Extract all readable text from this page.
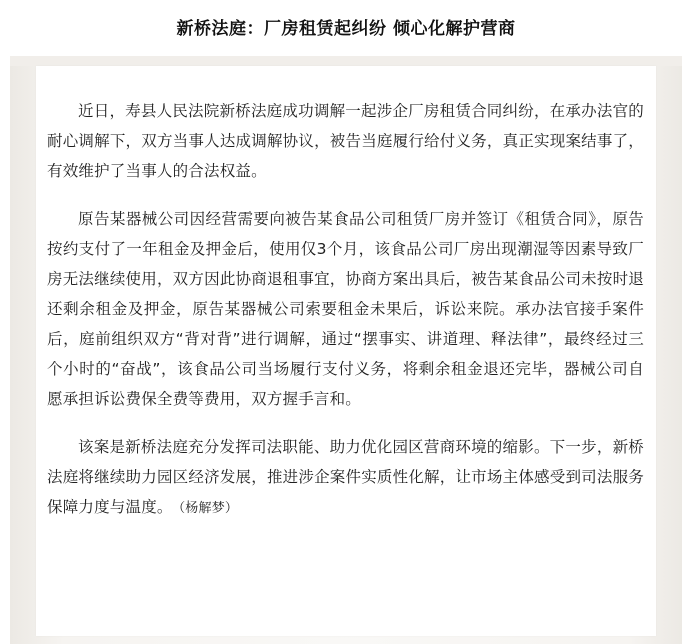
新桥法庭：厂房租赁起纠纷 倾心化解护营商

近日，寿县人民法院新桥法庭成功调解一起涉企厂房租赁合同纠纷，在承办法官的耐心调解下，双方当事人达成调解协议，被告当庭履行给付义务，真正实现案结事了，有效维护了当事人的合法权益。

原告某器械公司因经营需要向被告某食品公司租赁厂房并签订《租赁合同》，原告按约支付了一年租金及押金后，使用仅3个月，该食品公司厂房出现潮湿等因素导致厂房无法继续使用，双方因此协商退租事宜，协商方案出具后，被告某食品公司未按时退还剩余租金及押金，原告某器械公司索要租金未果后，诉讼来院。承办法官接手案件后，庭前组织双方“背对背”进行调解，通过“摆事实、讲道理、释法律”，最终经过三个小时的“奋战”，该食品公司当场履行支付义务，将剩余租金退还完毕，器械公司自愿承担诉讼费保全费等费用，双方握手言和。

该案是新桥法庭充分发挥司法职能、助力优化园区营商环境的缩影。下一步，新桥法庭将继续助力园区经济发展，推进涉企案件实质性化解，让市场主体感受到司法服务保障力度与温度。 （杨解梦）
